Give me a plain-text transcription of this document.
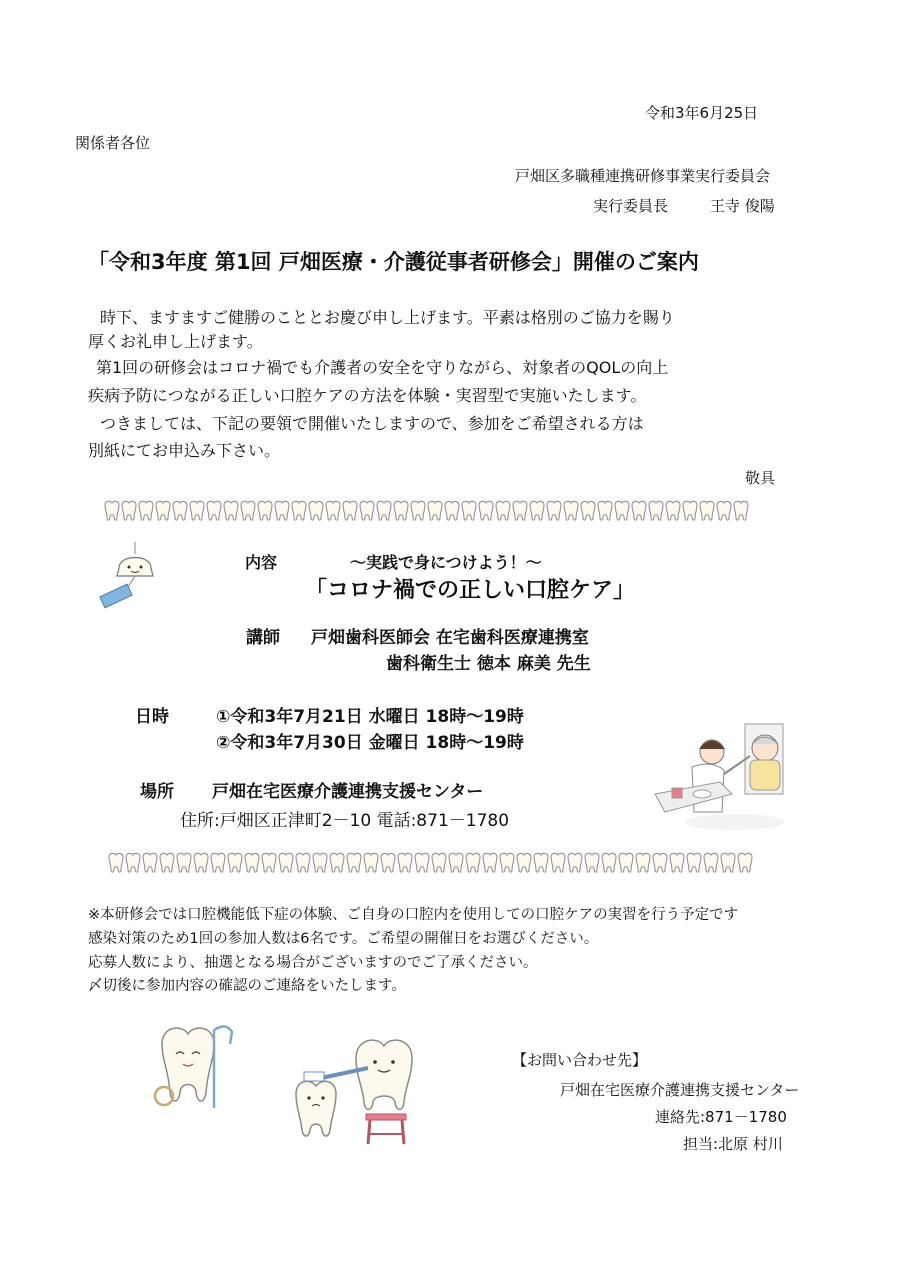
令和3年6月25日
関係者各位
戸畑区多職種連携研修事業実行委員会
実行委員長	王寺 俊陽
「令和3年度 第1回 戸畑医療・介護従事者研修会」開催のご案内
時下、ますますご健勝のこととお慶び申し上げます。平素は格別のご協力を賜り
厚くお礼申し上げます。
第1回の研修会はコロナ禍でも介護者の安全を守りながら、対象者のQOLの向上
疾病予防につながる正しい口腔ケアの方法を体験・実習型で実施いたします。
つきましては、下記の要領で開催いたしますので、参加をご希望される方は
別紙にてお申込み下さい。
敬具
内容	～実践で身につけよう！～
「コロナ禍での正しい口腔ケア」
講師 戸畑歯科医師会 在宅歯科医療連携室
歯科衛生士 徳本 麻美 先生
日時	①令和3年7月21日 水曜日 18時～19時
②令和3年7月30日 金曜日 18時～19時
場所 戸畑在宅医療介護連携支援センター
住所:戸畑区正津町2－10 電話:871－1780
※本研修会では口腔機能低下症の体験、ご自身の口腔内を使用しての口腔ケアの実習を行う予定です
感染対策のため1回の参加人数は6名です。ご希望の開催日をお選びください。
応募人数により、抽選となる場合がございますのでご了承ください。
〆切後に参加内容の確認のご連絡をいたします。
【お問い合わせ先】
戸畑在宅医療介護連携支援センター
連絡先:871－1780
担当:北原 村川
